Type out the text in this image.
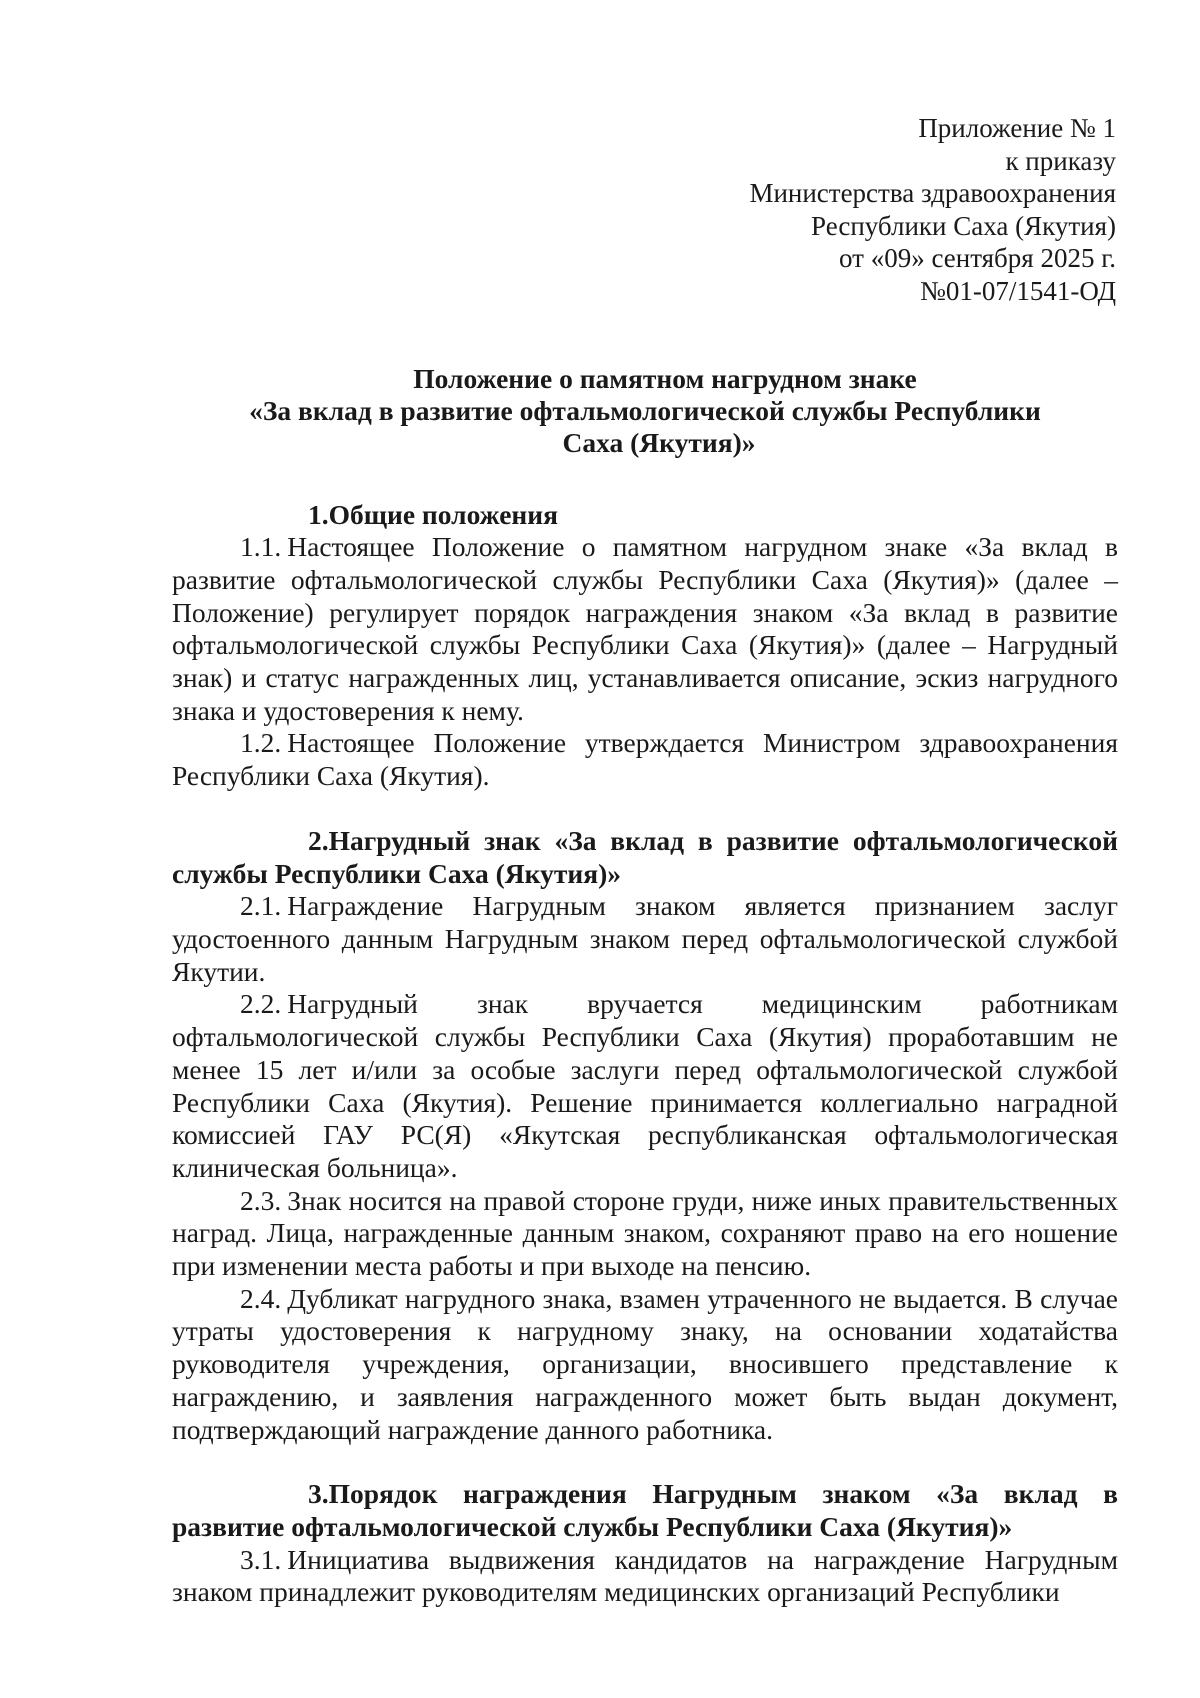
Приложение № 1
к приказу
Министерства здравоохранения
Республики Саха (Якутия)
от «09» сентября 2025 г.
№01-07/1541-ОД
Положение о памятном нагрудном знаке
«За вклад в развитие офтальмологической службы Республики
Саха (Якутия)»
1.Общие положения

1.1. Настоящее Положение о памятном нагрудном знаке «За вклад в развитие офтальмологической службы Республики Саха (Якутия)» (далее – Положение) регулирует порядок награждения знаком «За вклад в развитие офтальмологической службы Республики Саха (Якутия)» (далее – Нагрудный знак) и статус награжденных лиц, устанавливается описание, эскиз нагрудного знака и удостоверения к нему.

1.2. Настоящее Положение утверждается Министром здравоохранения Республики Саха (Якутия).

2.Нагрудный знак «За вклад в развитие офтальмологической службы Республики Саха (Якутия)»

2.1. Награждение Нагрудным знаком является признанием заслуг удостоенного данным Нагрудным знаком перед офтальмологической службой Якутии.

2.2. Нагрудный знак вручается медицинским работникам офтальмологической службы Республики Саха (Якутия) проработавшим не менее 15 лет и/или за особые заслуги перед офтальмологической службой Республики Саха (Якутия). Решение принимается коллегиально наградной комиссией ГАУ РС(Я) «Якутская республиканская офтальмологическая клиническая больница».

2.3. Знак носится на правой стороне груди, ниже иных правительственных наград. Лица, награжденные данным знаком, сохраняют право на его ношение при изменении места работы и при выходе на пенсию.

2.4. Дубликат нагрудного знака, взамен утраченного не выдается. В случае утраты удостоверения к нагрудному знаку, на основании ходатайства руководителя учреждения, организации, вносившего представление к награждению, и заявления награжденного может быть выдан документ, подтверждающий награждение данного работника.

3.Порядок награждения Нагрудным знаком «За вклад в развитие офтальмологической службы Республики Саха (Якутия)»

3.1. Инициатива выдвижения кандидатов на награждение Нагрудным знаком принадлежит руководителям медицинских организаций Республики
